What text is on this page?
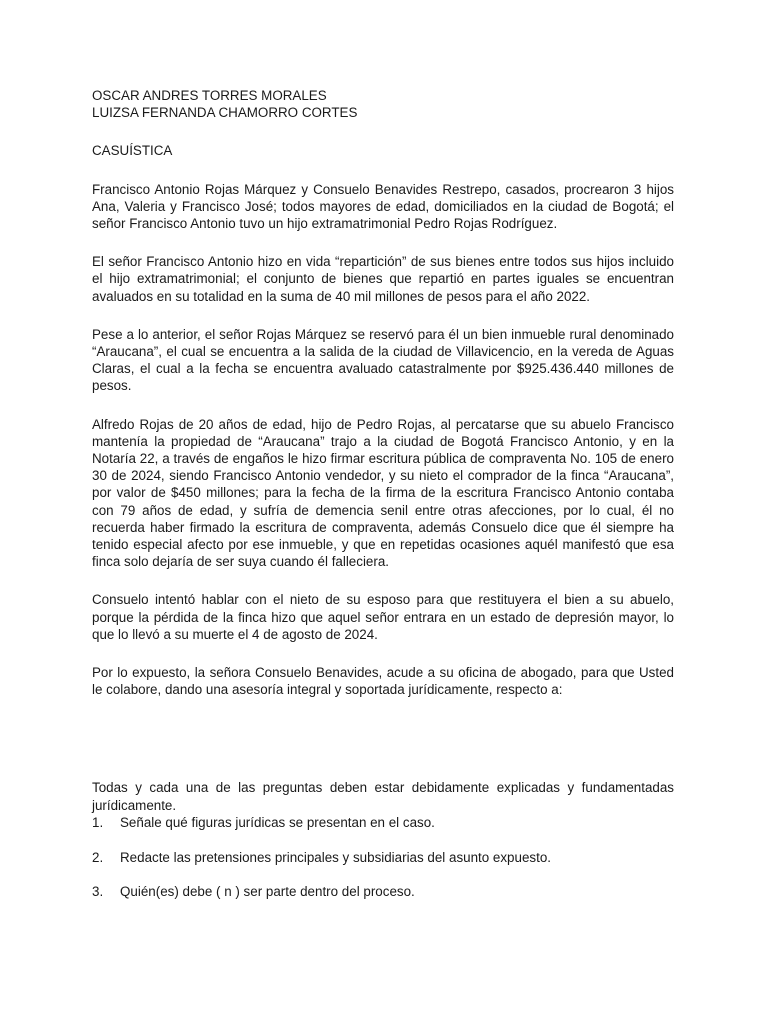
OSCAR ANDRES TORRES MORALES

LUIZSA FERNANDA CHAMORRO CORTES

CASUÍSTICA

Francisco Antonio Rojas Márquez y Consuelo Benavides Restrepo, casados, procrearon 3 hijos Ana, Valeria y Francisco José; todos mayores de edad, domiciliados en la ciudad de Bogotá; el señor Francisco Antonio tuvo un hijo extramatrimonial Pedro Rojas Rodríguez.

El señor Francisco Antonio hizo en vida “repartición” de sus bienes entre todos sus hijos incluido el hijo extramatrimonial; el conjunto de bienes que repartió en partes iguales se encuentran avaluados en su totalidad en la suma de 40 mil millones de pesos para el año 2022.

Pese a lo anterior, el señor Rojas Márquez se reservó para él un bien inmueble rural denominado “Araucana”, el cual se encuentra a la salida de la ciudad de Villavicencio, en la vereda de Aguas Claras, el cual a la fecha se encuentra avaluado catastralmente por $925.436.440 millones de pesos.

Alfredo Rojas de 20 años de edad, hijo de Pedro Rojas, al percatarse que su abuelo Francisco mantenía la propiedad de “Araucana” trajo a la ciudad de Bogotá Francisco Antonio, y en la Notaría 22, a través de engaños le hizo firmar escritura pública de compraventa No. 105 de enero 30 de 2024, siendo Francisco Antonio vendedor, y su nieto el comprador de la finca “Araucana”, por valor de $450 millones; para la fecha de la firma de la escritura Francisco Antonio contaba con 79 años de edad, y sufría de demencia senil entre otras afecciones, por lo cual, él no recuerda haber firmado la escritura de compraventa, además Consuelo dice que él siempre ha tenido especial afecto por ese inmueble, y que en repetidas ocasiones aquél manifestó que esa finca solo dejaría de ser suya cuando él falleciera.

Consuelo intentó hablar con el nieto de su esposo para que restituyera el bien a su abuelo, porque la pérdida de la finca hizo que aquel señor entrara en un estado de depresión mayor, lo que lo llevó a su muerte el 4 de agosto de 2024.

Por lo expuesto, la señora Consuelo Benavides, acude a su oficina de abogado, para que Usted le colabore, dando una asesoría integral y soportada jurídicamente, respecto a:

Todas y cada una de las preguntas deben estar debidamente explicadas y fundamentadas jurídicamente.

1.	Señale qué figuras jurídicas se presentan en el caso.
2.	Redacte las pretensiones principales y subsidiarias del asunto expuesto.
3.	Quién(es) debe ( n ) ser parte dentro del proceso.
